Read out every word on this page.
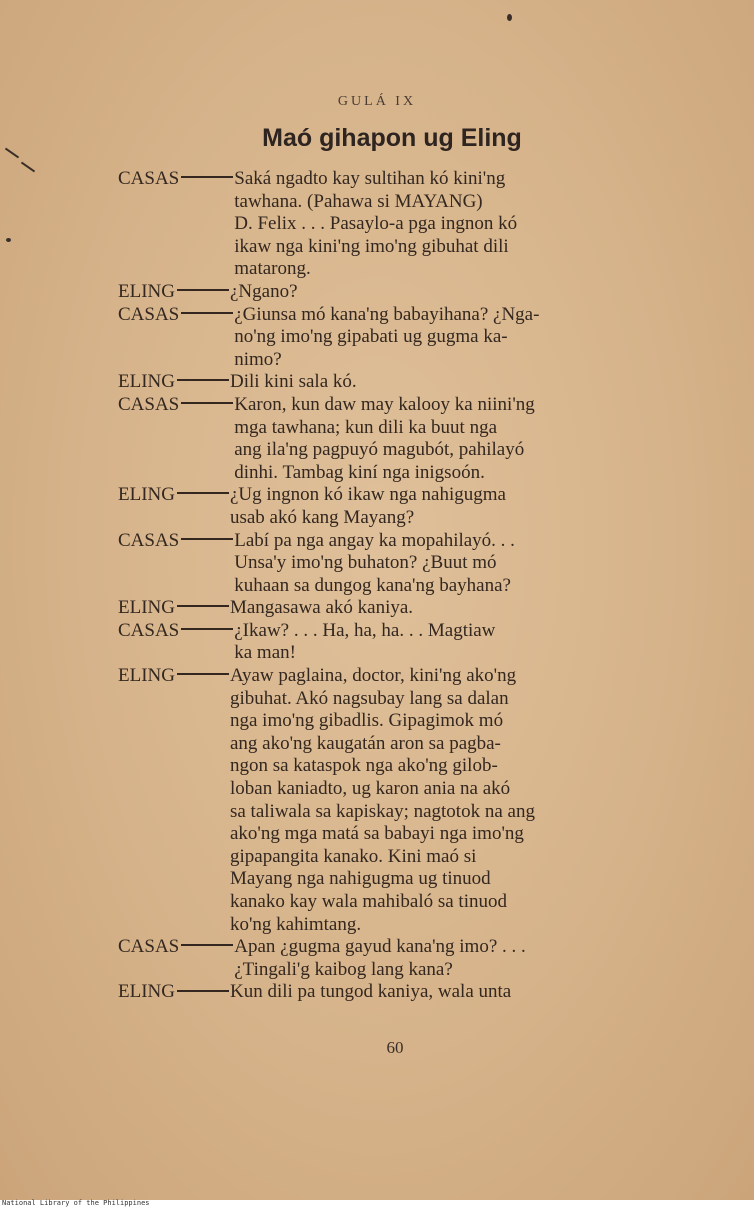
GULÁ IX
Maó gihapon ug Eling
CASAS	Saká ngadto kay sultihan kó kini'ng
tawhana. (Pahawa si MAYANG)
D. Felix . . . Pasaylo-a pga ingnon kó
ikaw nga kini'ng imo'ng gibuhat dili
matarong.
ELING	¿Ngano?
CASAS	¿Giunsa mó kana'ng babayihana? ¿Nga-
no'ng imo'ng gipabati ug gugma ka-
nimo?
ELING	Dili kini sala kó.
CASAS	Karon, kun daw may kalooy ka niini'ng
mga tawhana; kun dili ka buut nga
ang ila'ng pagpuyó magubót, pahilayó
dinhi. Tambag kiní nga inigsoón.
ELING	¿Ug ingnon kó ikaw nga nahigugma
usab akó kang Mayang?
CASAS	Labí pa nga angay ka mopahilayó. . .
Unsa'y imo'ng buhaton? ¿Buut mó
kuhaan sa dungog kana'ng bayhana?
ELING	Mangasawa akó kaniya.
CASAS	¿Ikaw? . . . Ha, ha, ha. . . Magtiaw
ka man!
ELING	Ayaw paglaina, doctor, kini'ng ako'ng
gibuhat. Akó nagsubay lang sa dalan
nga imo'ng gibadlis. Gipagimok mó
ang ako'ng kaugatán aron sa pagba-
ngon sa kataspok nga ako'ng gilob-
loban kaniadto, ug karon ania na akó
sa taliwala sa kapiskay; nagtotok na ang
ako'ng mga matá sa babayi nga imo'ng
gipapangita kanako. Kini maó si
Mayang nga nahigugma ug tinuod
kanako kay wala mahibaló sa tinuod
ko'ng kahimtang.
CASAS	Apan ¿gugma gayud kana'ng imo? . . .
¿Tingali'g kaibog lang kana?
ELING	Kun dili pa tungod kaniya, wala unta
60
National Library of the Philippines
